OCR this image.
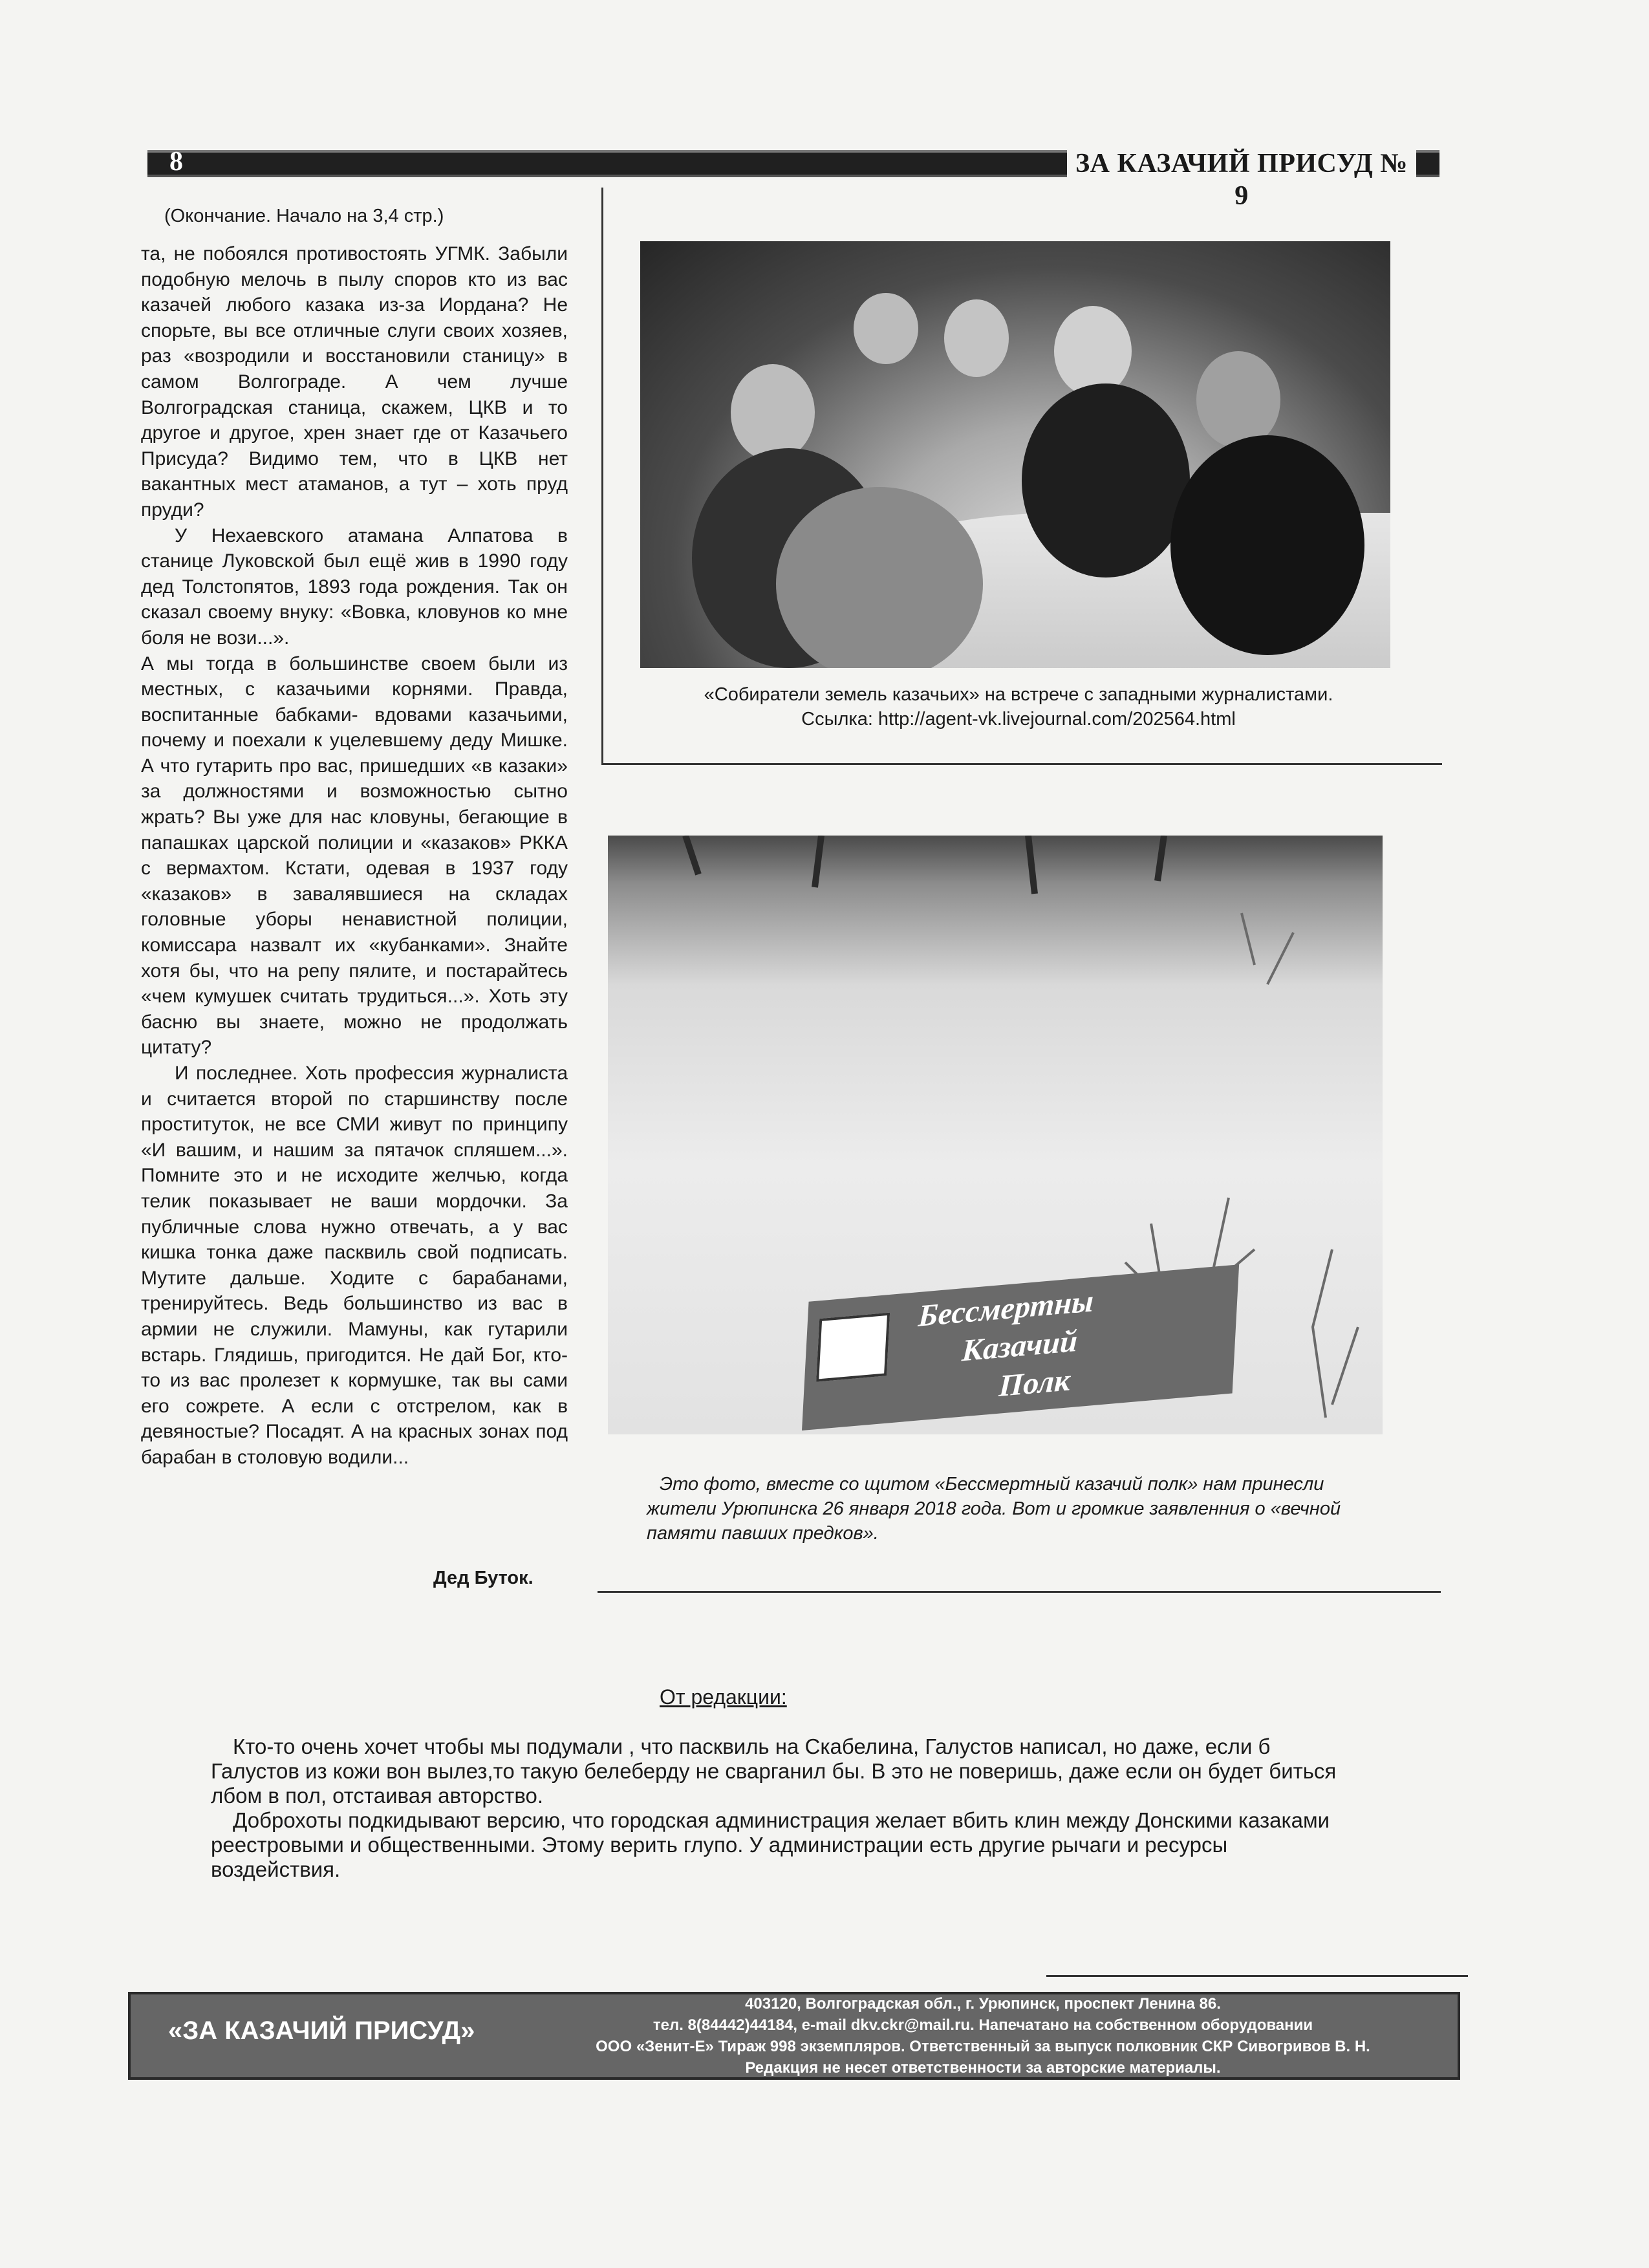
8	ЗА КАЗАЧИЙ ПРИСУД № 9
(Окончание. Начало на 3,4 стр.)

та, не побоялся противостоять УГМК. Забыли подобную мелочь в пылу споров кто из вас казачей любого казака из-за Иордана? Не спорьте, вы все отличные слуги своих хозяев, раз «возродили и восстановили станицу» в самом Волгограде. А чем лучше Волгоградская станица, скажем, ЦКВ и то другое и другое, хрен знает где от Казачьего Присуда? Видимо тем, что в ЦКВ нет вакантных мест атаманов, а тут – хоть пруд пруди?

У Нехаевского атамана Алпатова в станице Луковской был ещё жив в 1990 году дед Толстопятов, 1893 года рождения. Так он сказал своему внуку: «Вовка, кловунов ко мне боля не вози...».

А мы тогда в большинстве своем были из местных, с казачьими корнями. Правда, воспитанные бабками- вдовами казачьими, почему и поехали к уцелевшему деду Мишке. А что гутарить про вас, пришедших «в казаки» за должностями и возможностью сытно жрать? Вы уже для нас кловуны, бегающие в папашках царской полиции и «казаков» РККА с вермахтом. Кстати, одевая в 1937 году «казаков» в завалявшиеся на складах головные уборы ненавистной полиции, комиссара назвалт их «кубанками». Знайте хотя бы, что на репу пялите, и постарайтесь «чем кумушек считать трудиться...». Хоть эту басню вы знаете, можно не продолжать цитату?

И последнее. Хоть профессия журналиста и считается второй по старшинству после проституток, не все СМИ живут по принципу «И вашим, и нашим за пятачок спляшем...». Помните это и не исходите желчью, когда телик показывает не ваши мордочки. За публичные слова нужно отвечать, а у вас кишка тонка даже пасквиль свой подписать. Мутите дальше. Ходите с барабанами, тренируйтесь. Ведь большинство из вас в армии не служили. Мамуны, как гутарили встарь. Глядишь, пригодится. Не дай Бог, кто-то из вас пролезет к кормушке, так вы сами его сожрете. А если с отстрелом, как в девяностые? Посадят. А на красных зонах под барабан в столовую водили...

Дед Буток.
«Собиратели земель казачьих» на встрече с западными журналистами.
Ссылка: http://agent-vk.livejournal.com/202564.html
Бессмертны
Казачий
Полк
Это фото, вместе со щитом «Бессмертный казачий полк» нам принесли жители Урюпинска 26 января 2018 года. Вот и громкие заявленния о «вечной памяти павших предков».
От редакции:

Кто-то очень хочет чтобы мы подумали , что пасквиль на Скабелина, Галустов написал, но даже, если б Галустов из кожи вон вылез,то такую белеберду не сварганил бы. В это не поверишь, даже если он будет биться лбом в пол, отстаивая авторство.

Доброхоты подкидывают версию, что городская администрация желает вбить клин между Донскими казаками реестровыми и общественными. Этому верить глупо. У администрации есть другие рычаги и ресурсы воздействия.

«ЗА КАЗАЧИЙ ПРИСУД»
403120, Волгоградская обл., г. Урюпинск, проспект Ленина 86.
тел. 8(84442)44184, e-mail dkv.ckr@mail.ru. Напечатано на собственном оборудовании
ООО «Зенит-Е» Тираж 998 экземпляров. Ответственный за выпуск полковник СКР Сивогривов В. Н.
Редакция не несет ответственности за авторские материалы.
